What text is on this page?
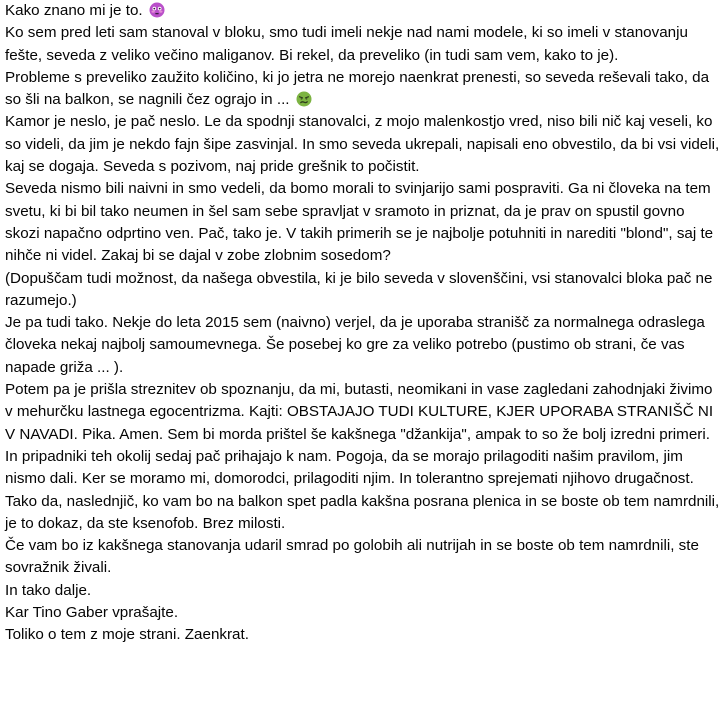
Kako znano mi je to.

Ko sem pred leti sam stanoval v bloku, smo tudi imeli nekje nad nami modele, ki so imeli v stanovanju fešte, seveda z veliko večino maliganov. Bi rekel, da preveliko (in tudi sam vem, kako to je).

Probleme s preveliko zaužito količino, ki jo jetra ne morejo naenkrat prenesti, so seveda reševali tako, da so šli na balkon, se nagnili čez ograjo in ...

Kamor je neslo, je pač neslo. Le da spodnji stanovalci, z mojo malenkostjo vred, niso bili nič kaj veseli, ko so videli, da jim je nekdo fajn šipe zasvinjal. In smo seveda ukrepali, napisali eno obvestilo, da bi vsi videli, kaj se dogaja. Seveda s pozivom, naj pride grešnik to počistit.

Seveda nismo bili naivni in smo vedeli, da bomo morali to svinjarijo sami pospraviti. Ga ni človeka na tem svetu, ki bi bil tako neumen in šel sam sebe spravljat v sramoto in priznat, da je prav on spustil govno skozi napačno odprtino ven. Pač, tako je. V takih primerih se je najbolje potuhniti in narediti "blond", saj te nihče ni videl. Zakaj bi se dajal v zobe zlobnim sosedom?

(Dopuščam tudi možnost, da našega obvestila, ki je bilo seveda v slovenščini, vsi stanovalci bloka pač ne razumejo.)

Je pa tudi tako. Nekje do leta 2015 sem (naivno) verjel, da je uporaba stranišč za normalnega odraslega človeka nekaj najbolj samoumevnega. Še posebej ko gre za veliko potrebo (pustimo ob strani, če vas napade griža ... ).

Potem pa je prišla streznitev ob spoznanju, da mi, butasti, neomikani in vase zagledani zahodnjaki živimo v mehurčku lastnega egocentrizma. Kajti: OBSTAJAJO TUDI KULTURE, KJER UPORABA STRANIŠČ NI V NAVADI. Pika. Amen. Sem bi morda prištel še kakšnega "džankija", ampak to so že bolj izredni primeri.

In pripadniki teh okolij sedaj pač prihajajo k nam. Pogoja, da se morajo prilagoditi našim pravilom, jim nismo dali. Ker se moramo mi, domorodci, prilagoditi njim. In tolerantno sprejemati njihovo drugačnost.

Tako da, naslednjič, ko vam bo na balkon spet padla kakšna posrana plenica in se boste ob tem namrdnili, je to dokaz, da ste ksenofob. Brez milosti.

Če vam bo iz kakšnega stanovanja udaril smrad po golobih ali nutrijah in se boste ob tem namrdnili, ste sovražnik živali.

In tako dalje.

Kar Tino Gaber vprašajte.

Toliko o tem z moje strani. Zaenkrat.
